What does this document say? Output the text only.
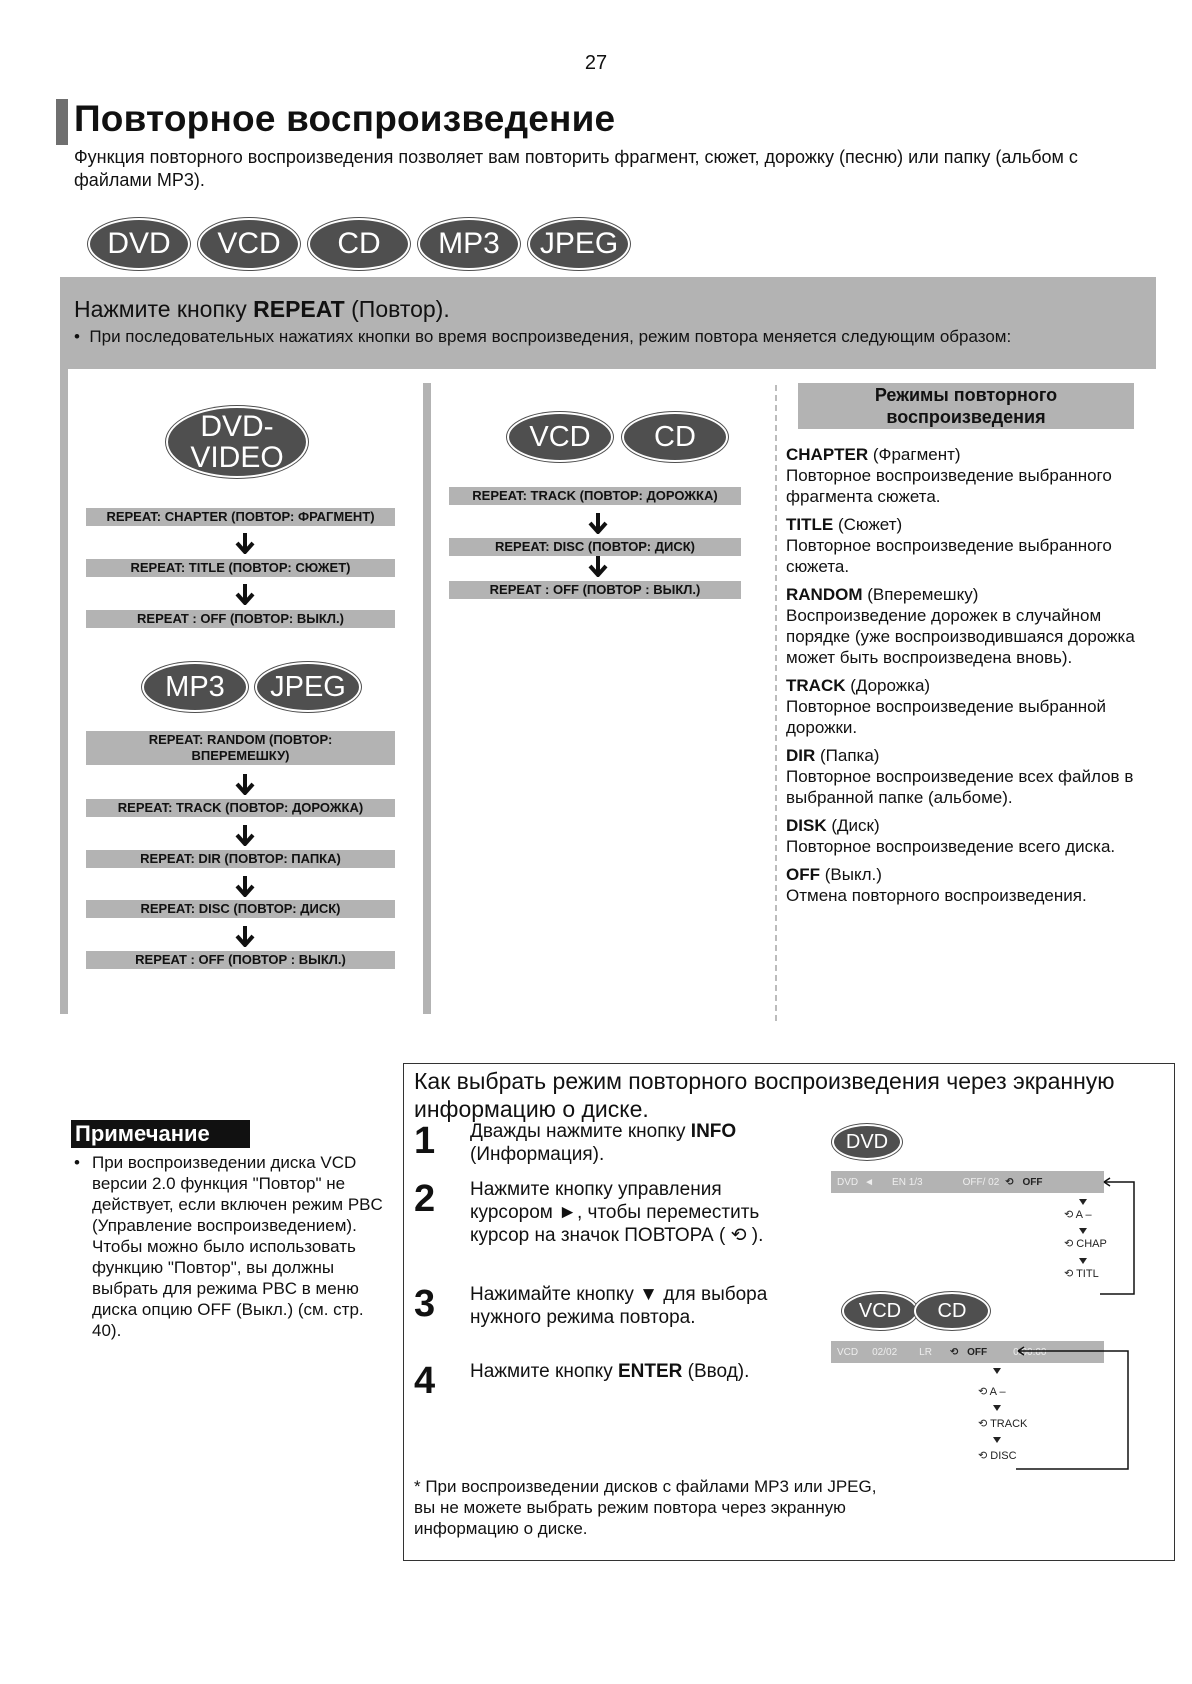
27
Повторное воспроизведение
Функция повторного воспроизведения позволяет вам повторить фрагмент, сюжет, дорожку (песню) или папку (альбом с файлами MP3).
DVD	VCD	CD	MP3	JPEG
Нажмите кнопку REPEAT (Повтор).
•  При последовательных нажатиях кнопки во время воспроизведения, режим повтора меняется следующим образом:
DVD-
VIDEO
REPEAT: CHAPTER (ПОВТОР: ФРАГМЕНТ)
REPEAT: TITLE (ПОВТОР: СЮЖЕТ)
REPEAT : OFF (ПОВТОР: ВЫКЛ.)
MP3	JPEG
REPEAT: RANDOM (ПОВТОР: ВПЕРЕМЕШКУ)
REPEAT: TRACK (ПОВТОР: ДОРОЖКА)
REPEAT: DIR (ПОВТОР: ПАПКА)
REPEAT: DISC (ПОВТОР: ДИСК)
REPEAT : OFF (ПОВТОР : ВЫКЛ.)
VCD	CD
REPEAT: TRACK (ПОВТОР: ДОРОЖКА)
REPEAT: DISC (ПОВТОР: ДИСК)
REPEAT : OFF (ПОВТОР : ВЫКЛ.)
Режимы повторного воспроизведения
CHAPTER (Фрагмент)
Повторное воспроизведение выбранного фрагмента сюжета.
TITLE (Сюжет)
Повторное воспроизведение выбранного сюжета.
RANDOM (Вперемешку)
Воспроизведение дорожек в случайном порядке (уже воспроизводившаяся дорожка может быть воспроизведена вновь).
TRACK (Дорожка)
Повторное воспроизведение выбранной дорожки.
DIR (Папка)
Повторное воспроизведение всех файлов в выбранной папке (альбоме).
DISK (Диск)
Повторное воспроизведение всего диска.
OFF (Выкл.)
Отмена повторного воспроизведения.
Примечание
• При воспроизведении диска VCD версии 2.0 функция "Повтор" не действует, если включен режим PBC (Управление воспроизведением). Чтобы можно было использовать функцию "Повтор", вы должны выбрать для режима PBC в меню диска опцию OFF (Выкл.) (см. стр. 40).
Как выбрать режим повторного воспроизведения через экранную информацию о диске.
1 Дважды нажмите кнопку INFO (Информация).
2 Нажмите кнопку управления курсором ►, чтобы переместить курсор на значок ПОВТОРА ( ⟲ ).
3 Нажимайте кнопку ▼ для выбора нужного режима повтора.
4 Нажмите кнопку ENTER (Ввод).
* При воспроизведении дисков с файлами MP3 или JPEG, вы не можете выбрать режим повтора через экранную информацию о диске.
DVD
DVD ◄ EN 1/3	OFF/ 02 ⟲ OFF
⟲ A –
⟲ CHAP
⟲ TITL
VCD	CD
VCD 02/02 LR ⟲ OFF	0:00:00
⟲ A –
⟲ TRACK
⟲ DISC
